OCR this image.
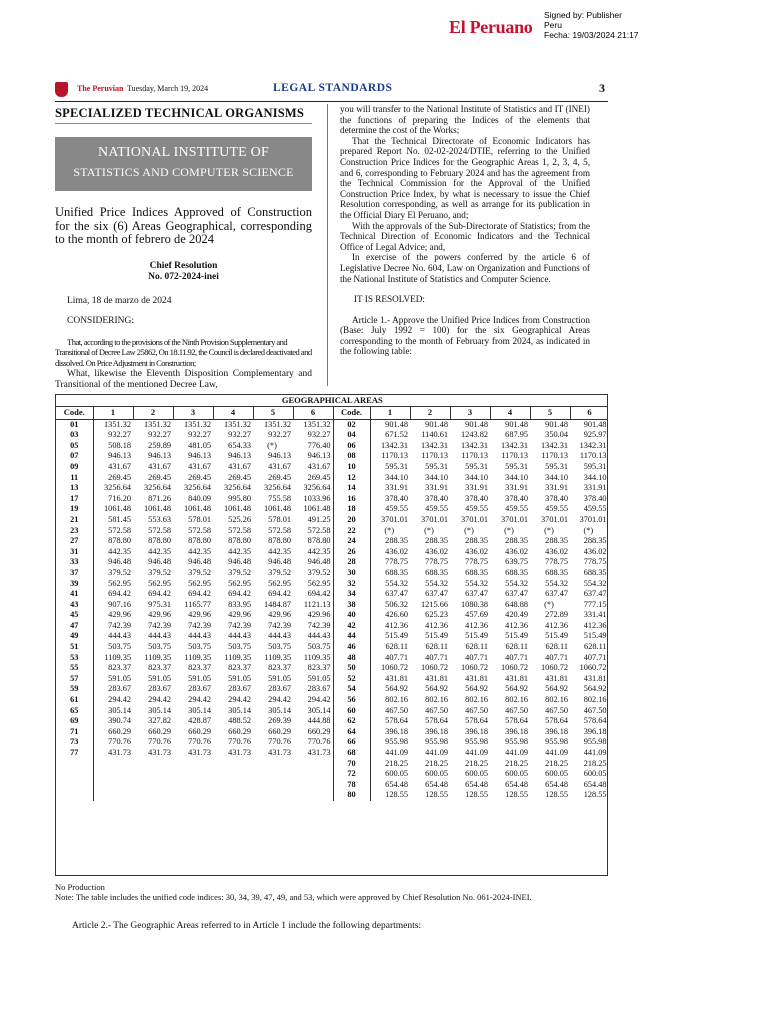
Signed by: Publisher
Peru
Fecha: 19/03/2024 21:17
El Peruano
The Peruvian Tuesday, March 19, 2024	LEGAL STANDARDS	3
SPECIALIZED TECHNICAL ORGANISMS
NATIONAL INSTITUTE OF
STATISTICS AND COMPUTER SCIENCE
Unified Price Indices Approved of Construction for the six (6) Areas Geographical, corresponding to the month of febrero de 2024
Chief Resolution
No. 072-2024-inei
Lima, 18 de marzo de 2024
CONSIDERING:

That, according to the provisions of the Ninth Provision Supplementary and Transitional of Decree Law 25862, On 18.11.92, the Council is declared deactivated and dissolved. On Price Adjustment in Construction;

What, likewise the Eleventh Disposition Complementary and Transitional of the mentioned Decree Law,

you will transfer to the National Institute of Statistics and IT (INEI) the functions of preparing the Indices of the elements that determine the cost of the Works;

That the Technical Directorate of Economic Indicators has prepared Report No. 02-02-2024/DTIE, referring to the Unified Construction Price Indices for the Geographic Areas 1, 2, 3, 4, 5, and 6, corresponding to February 2024 and has the agreement from the Technical Commission for the Approval of the Unified Construction Price Index, by what is necessary to issue the Chief Resolution corresponding, as well as arrange for its publication in the Official Diary El Peruano, and;

With the approvals of the Sub-Directorate of Statistics; from the Technical Direction of Economic Indicators and the Technical Office of Legal Advice; and,

In exercise of the powers conferred by the article 6 of Legislative Decree No. 604, Law on Organization and Functions of the National Institute of Statistics and Computer Science.

IT IS RESOLVED:

Article 1.- Approve the Unified Price Indices from Construction (Base: July 1992 = 100) for the six Geographical Areas corresponding to the month of February from 2024, as indicated in the following table:

GEOGRAPHICAL AREAS													
Code.	1	2	3	4	5	6	Code.	1	2	3	4	5	6
01	1351.32	1351.32	1351.32	1351.32	1351.32	1351.32	02	901.48	901.48	901.48	901.48	901.48	901.48
03	932.27	932.27	932.27	932.27	932.27	932.27	04	671.52	1140.61	1243.82	687.95	350.04	925.97
05	508.18	259.89	481.05	654.33	(*)	776.40	06	1342.31	1342.31	1342.31	1342.31	1342.31	1342.31
07	946.13	946.13	946.13	946.13	946.13	946.13	08	1170.13	1170.13	1170.13	1170.13	1170.13	1170.13
09	431.67	431.67	431.67	431.67	431.67	431.67	10	595.31	595.31	595.31	595.31	595.31	595.31
11	269.45	269.45	269.45	269.45	269.45	269.45	12	344.10	344.10	344.10	344.10	344.10	344.10
13	3256.64	3256.64	3256.64	3256.64	3256.64	3256.64	14	331.91	331.91	331.91	331.91	331.91	331.91
17	716.20	871.26	840.09	995.80	755.58	1033.96	16	378.40	378.40	378.40	378.40	378.40	378.40
19	1061.48	1061.48	1061.48	1061.48	1061.48	1061.48	18	459.55	459.55	459.55	459.55	459.55	459.55
21	581.45	553.63	578.01	525.26	578.01	491.25	20	3701.01	3701.01	3701.01	3701.01	3701.01	3701.01
23	572.58	572.58	572.58	572.58	572.58	572.58	22	(*)	(*)	(*)	(*)	(*)	(*)
27	878.80	878.80	878.80	878.80	878.80	878.80	24	288.35	288.35	288.35	288.35	288.35	288.35
31	442.35	442.35	442.35	442.35	442.35	442.35	26	436.02	436.02	436.02	436.02	436.02	436.02
33	946.48	946.48	946.48	946.48	946.48	946.48	28	778.75	778.75	778.75	639.75	778.75	778.75
37	379.52	379.52	379.52	379.52	379.52	379.52	30	688.35	688.35	688.35	688.35	688.35	688.35
39	562.95	562.95	562.95	562.95	562.95	562.95	32	554.32	554.32	554.32	554.32	554.32	554.32
41	694.42	694.42	694.42	694.42	694.42	694.42	34	637.47	637.47	637.47	637.47	637.47	637.47
43	907.16	975.31	1165.77	833.95	1484.87	1121.13	38	506.32	1215.66	1080.38	648.88	(*)	777.15
45	429.96	429.96	429.96	429.96	429.96	429.96	40	426.60	625.23	457.69	420.49	272.89	331.41
47	742.39	742.39	742.39	742.39	742.39	742.39	42	412.36	412.36	412.36	412.36	412.36	412.36
49	444.43	444.43	444.43	444.43	444.43	444.43	44	515.49	515.49	515.49	515.49	515.49	515.49
51	503.75	503.75	503.75	503.75	503.75	503.75	46	628.11	628.11	628.11	628.11	628.11	628.11
53	1109.35	1109.35	1109.35	1109.35	1109.35	1109.35	48	407.71	407.71	407.71	407.71	407.71	407.71
55	823.37	823.37	823.37	823.37	823.37	823.37	50	1060.72	1060.72	1060.72	1060.72	1060.72	1060.72
57	591.05	591.05	591.05	591.05	591.05	591.05	52	431.81	431.81	431.81	431.81	431.81	431.81
59	283.67	283.67	283.67	283.67	283.67	283.67	54	564.92	564.92	564.92	564.92	564.92	564.92
61	294.42	294.42	294.42	294.42	294.42	294.42	56	802.16	802.16	802.16	802.16	802.16	802.16
65	305.14	305.14	305.14	305.14	305.14	305.14	60	467.50	467.50	467.50	467.50	467.50	467.50
69	390.74	327.82	428.87	488.52	269.39	444.88	62	578.64	578.64	578.64	578.64	578.64	578.64
71	660.29	660.29	660.29	660.29	660.29	660.29	64	396.18	396.18	396.18	396.18	396.18	396.18
73	770.76	770.76	770.76	770.76	770.76	770.76	66	955.98	955.98	955.98	955.98	955.98	955.98
77	431.73	431.73	431.73	431.73	431.73	431.73	68	441.09	441.09	441.09	441.09	441.09	441.09
							70	218.25	218.25	218.25	218.25	218.25	218.25
							72	600.05	600.05	600.05	600.05	600.05	600.05
							78	654.48	654.48	654.48	654.48	654.48	654.48
							80	128.55	128.55	128.55	128.55	128.55	128.55
No Production
Note: The table includes the unified code indices: 30, 34, 39, 47, 49, and 53, which were approved by Chief Resolution No. 061-2024-INEI.
Article 2.- The Geographic Areas referred to in Article 1 include the following departments:
